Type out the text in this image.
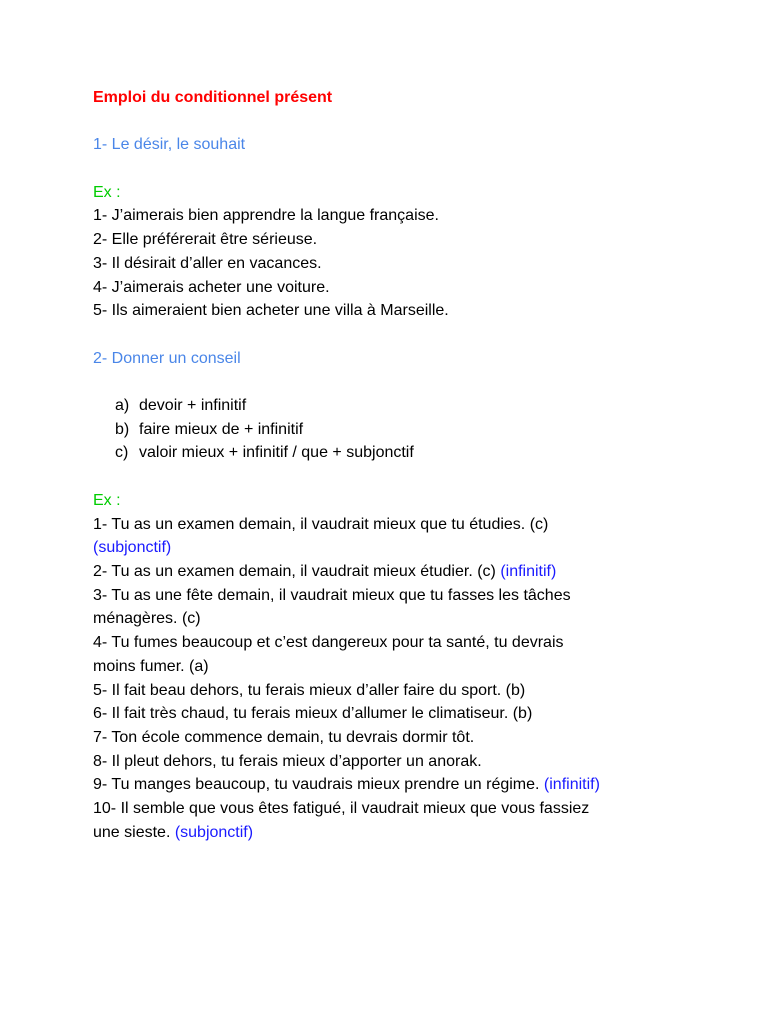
Emploi du conditionnel présent
1- Le désir, le souhait
Ex :
1- J’aimerais bien apprendre la langue française.
2- Elle préférerait être sérieuse.
3- Il désirait d’aller en vacances.
4- J’aimerais acheter une voiture.
5- Ils aimeraient bien acheter une villa à Marseille.
2- Donner un conseil
a) devoir + infinitif
b) faire mieux de + infinitif
c) valoir mieux + infinitif / que + subjonctif
Ex :
1- Tu as un examen demain, il vaudrait mieux que tu étudies. (c)
(subjonctif)
2- Tu as un examen demain, il vaudrait mieux étudier. (c) (infinitif)
3- Tu as une fête demain, il vaudrait mieux que tu fasses les tâches
ménagères. (c)
4- Tu fumes beaucoup et c’est dangereux pour ta santé, tu devrais
moins fumer. (a)
5- Il fait beau dehors, tu ferais mieux d’aller faire du sport. (b)
6- Il fait très chaud, tu ferais mieux d’allumer le climatiseur. (b)
7- Ton école commence demain, tu devrais dormir tôt.
8- Il pleut dehors, tu ferais mieux d’apporter un anorak.
9- Tu manges beaucoup, tu vaudrais mieux prendre un régime. (infinitif)
10- Il semble que vous êtes fatigué, il vaudrait mieux que vous fassiez
une sieste. (subjonctif)
